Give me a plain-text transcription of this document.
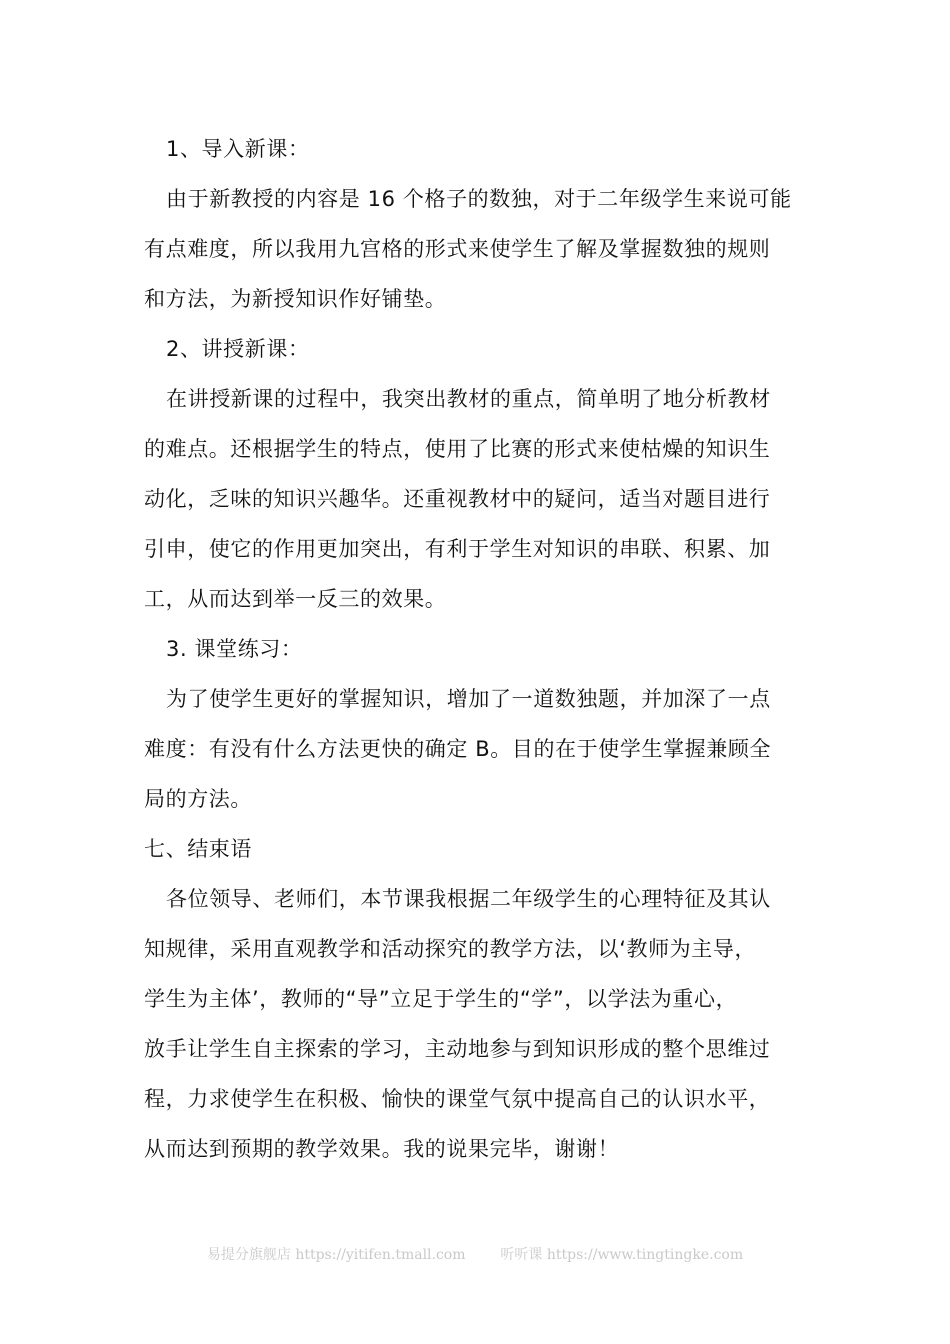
1、导入新课：
由于新教授的内容是 16 个格子的数独，对于二年级学生来说可能
有点难度，所以我用九宫格的形式来使学生了解及掌握数独的规则
和方法，为新授知识作好铺垫。
2、讲授新课：
在讲授新课的过程中，我突出教材的重点，简单明了地分析教材
的难点。还根据学生的特点，使用了比赛的形式来使枯燥的知识生
动化，乏味的知识兴趣华。还重视教材中的疑问，适当对题目进行
引申，使它的作用更加突出，有利于学生对知识的串联、积累、加
工，从而达到举一反三的效果。
3. 课堂练习：
为了使学生更好的掌握知识，增加了一道数独题，并加深了一点
难度：有没有什么方法更快的确定 B。目的在于使学生掌握兼顾全
局的方法。
七、结束语
各位领导、老师们，本节课我根据二年级学生的心理特征及其认
知规律，采用直观教学和活动探究的教学方法，以‘教师为主导，
学生为主体’，教师的“导”立足于学生的“学”，以学法为重心，
放手让学生自主探索的学习，主动地参与到知识形成的整个思维过
程，力求使学生在积极、愉快的课堂气氛中提高自己的认识水平，
从而达到预期的教学效果。我的说果完毕，谢谢！
易提分旗舰店 https://yitifen.tmall.com 听听课 https://www.tingtingke.com
